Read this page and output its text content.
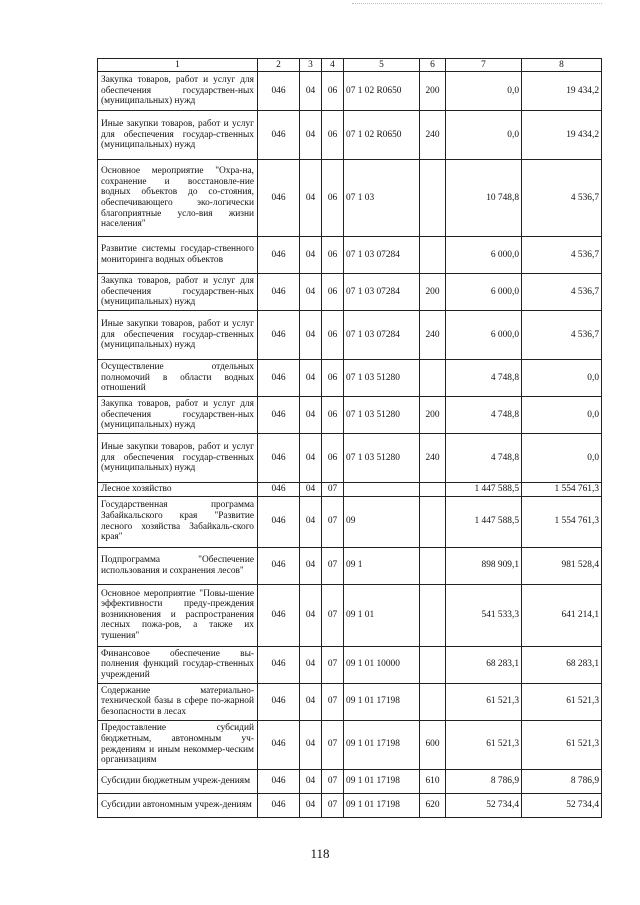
1	2	3	4	5	6	7	8
Закупка товаров, работ и услуг для обеспечения государствен-ных (муниципальных) нужд	046	04	06	07 1 02 R0650	200	0,0	19 434,2
Иные закупки товаров, работ и услуг для обеспечения государ-ственных (муниципальных) нужд	046	04	06	07 1 02 R0650	240	0,0	19 434,2
Основное мероприятие "Охра-на, сохранение и восстановле-ние водных объектов до со-стояния, обеспечивающего эко-логически благоприятные усло-вия жизни населения"	046	04	06	07 1 03		10 748,8	4 536,7
Развитие системы государ-ственного мониторинга водных объектов	046	04	06	07 1 03 07284		6 000,0	4 536,7
Закупка товаров, работ и услуг для обеспечения государствен-ных (муниципальных) нужд	046	04	06	07 1 03 07284	200	6 000,0	4 536,7
Иные закупки товаров, работ и услуг для обеспечения государ-ственных (муниципальных) нужд	046	04	06	07 1 03 07284	240	6 000,0	4 536,7
Осуществление отдельных полномочий в области водных отношений	046	04	06	07 1 03 51280		4 748,8	0,0
Закупка товаров, работ и услуг для обеспечения государствен-ных (муниципальных) нужд	046	04	06	07 1 03 51280	200	4 748,8	0,0
Иные закупки товаров, работ и услуг для обеспечения государ-ственных (муниципальных) нужд	046	04	06	07 1 03 51280	240	4 748,8	0,0
Лесное хозяйство	046	04	07			1 447 588,5	1 554 761,3
Государственная программа Забайкальского края "Развитие лесного хозяйства Забайкаль-ского края"	046	04	07	09		1 447 588,5	1 554 761,3
Подпрограмма "Обеспечение использования и сохранения лесов"	046	04	07	09 1		898 909,1	981 528,4
Основное мероприятие "Повы-шение эффективности преду-преждения возникновения и распространения лесных пожа-ров, а также их тушения"	046	04	07	09 1 01		541 533,3	641 214,1
Финансовое обеспечение вы-полнения функций государ-ственных учреждений	046	04	07	09 1 01 10000		68 283,1	68 283,1
Содержание материально-технической базы в сфере по-жарной безопасности в лесах	046	04	07	09 1 01 17198		61 521,3	61 521,3
Предоставление субсидий бюджетным, автономным уч-реждениям и иным некоммер-ческим организациям	046	04	07	09 1 01 17198	600	61 521,3	61 521,3
Субсидии бюджетным учреж-дениям	046	04	07	09 1 01 17198	610	8 786,9	8 786,9
Субсидии автономным учреж-дениям	046	04	07	09 1 01 17198	620	52 734,4	52 734,4
118
